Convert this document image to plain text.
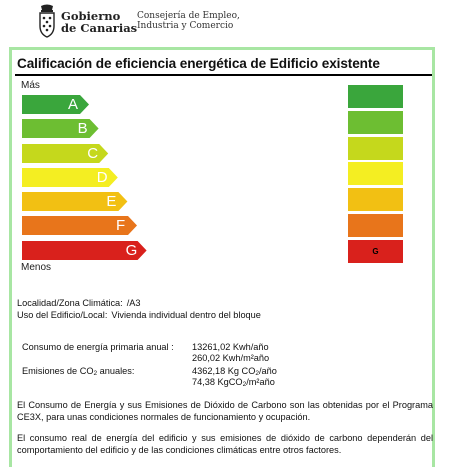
Gobierno
de Canarias
Consejería de Empleo,
Industria y Comercio
Calificación de eficiencia energética de Edificio existente
Más
A
B
C
D
E
F
G
Menos
G
Localidad/Zona Climática: /A3
Uso del Edificio/Local: Vivienda individual dentro del bloque
Consumo de energía primaria anual : 13261,02 Kwh/año
260,02 Kwh/m²año
Emisiones de $CO_2$ anuales:	4362,18 Kg $CO_2$/año
74,38 KgCO$_2$/m²año
El Consumo de Energía y sus Emisiones de Dióxido de Carbono son las obtenidas por el Programa CE3X, para unas condiciones normales de funcionamiento y ocupación.
El consumo real de energía del edificio y sus emisiones de dióxido de carbono dependerán del comportamiento del edificio y de las condiciones climáticas entre otros factores.
